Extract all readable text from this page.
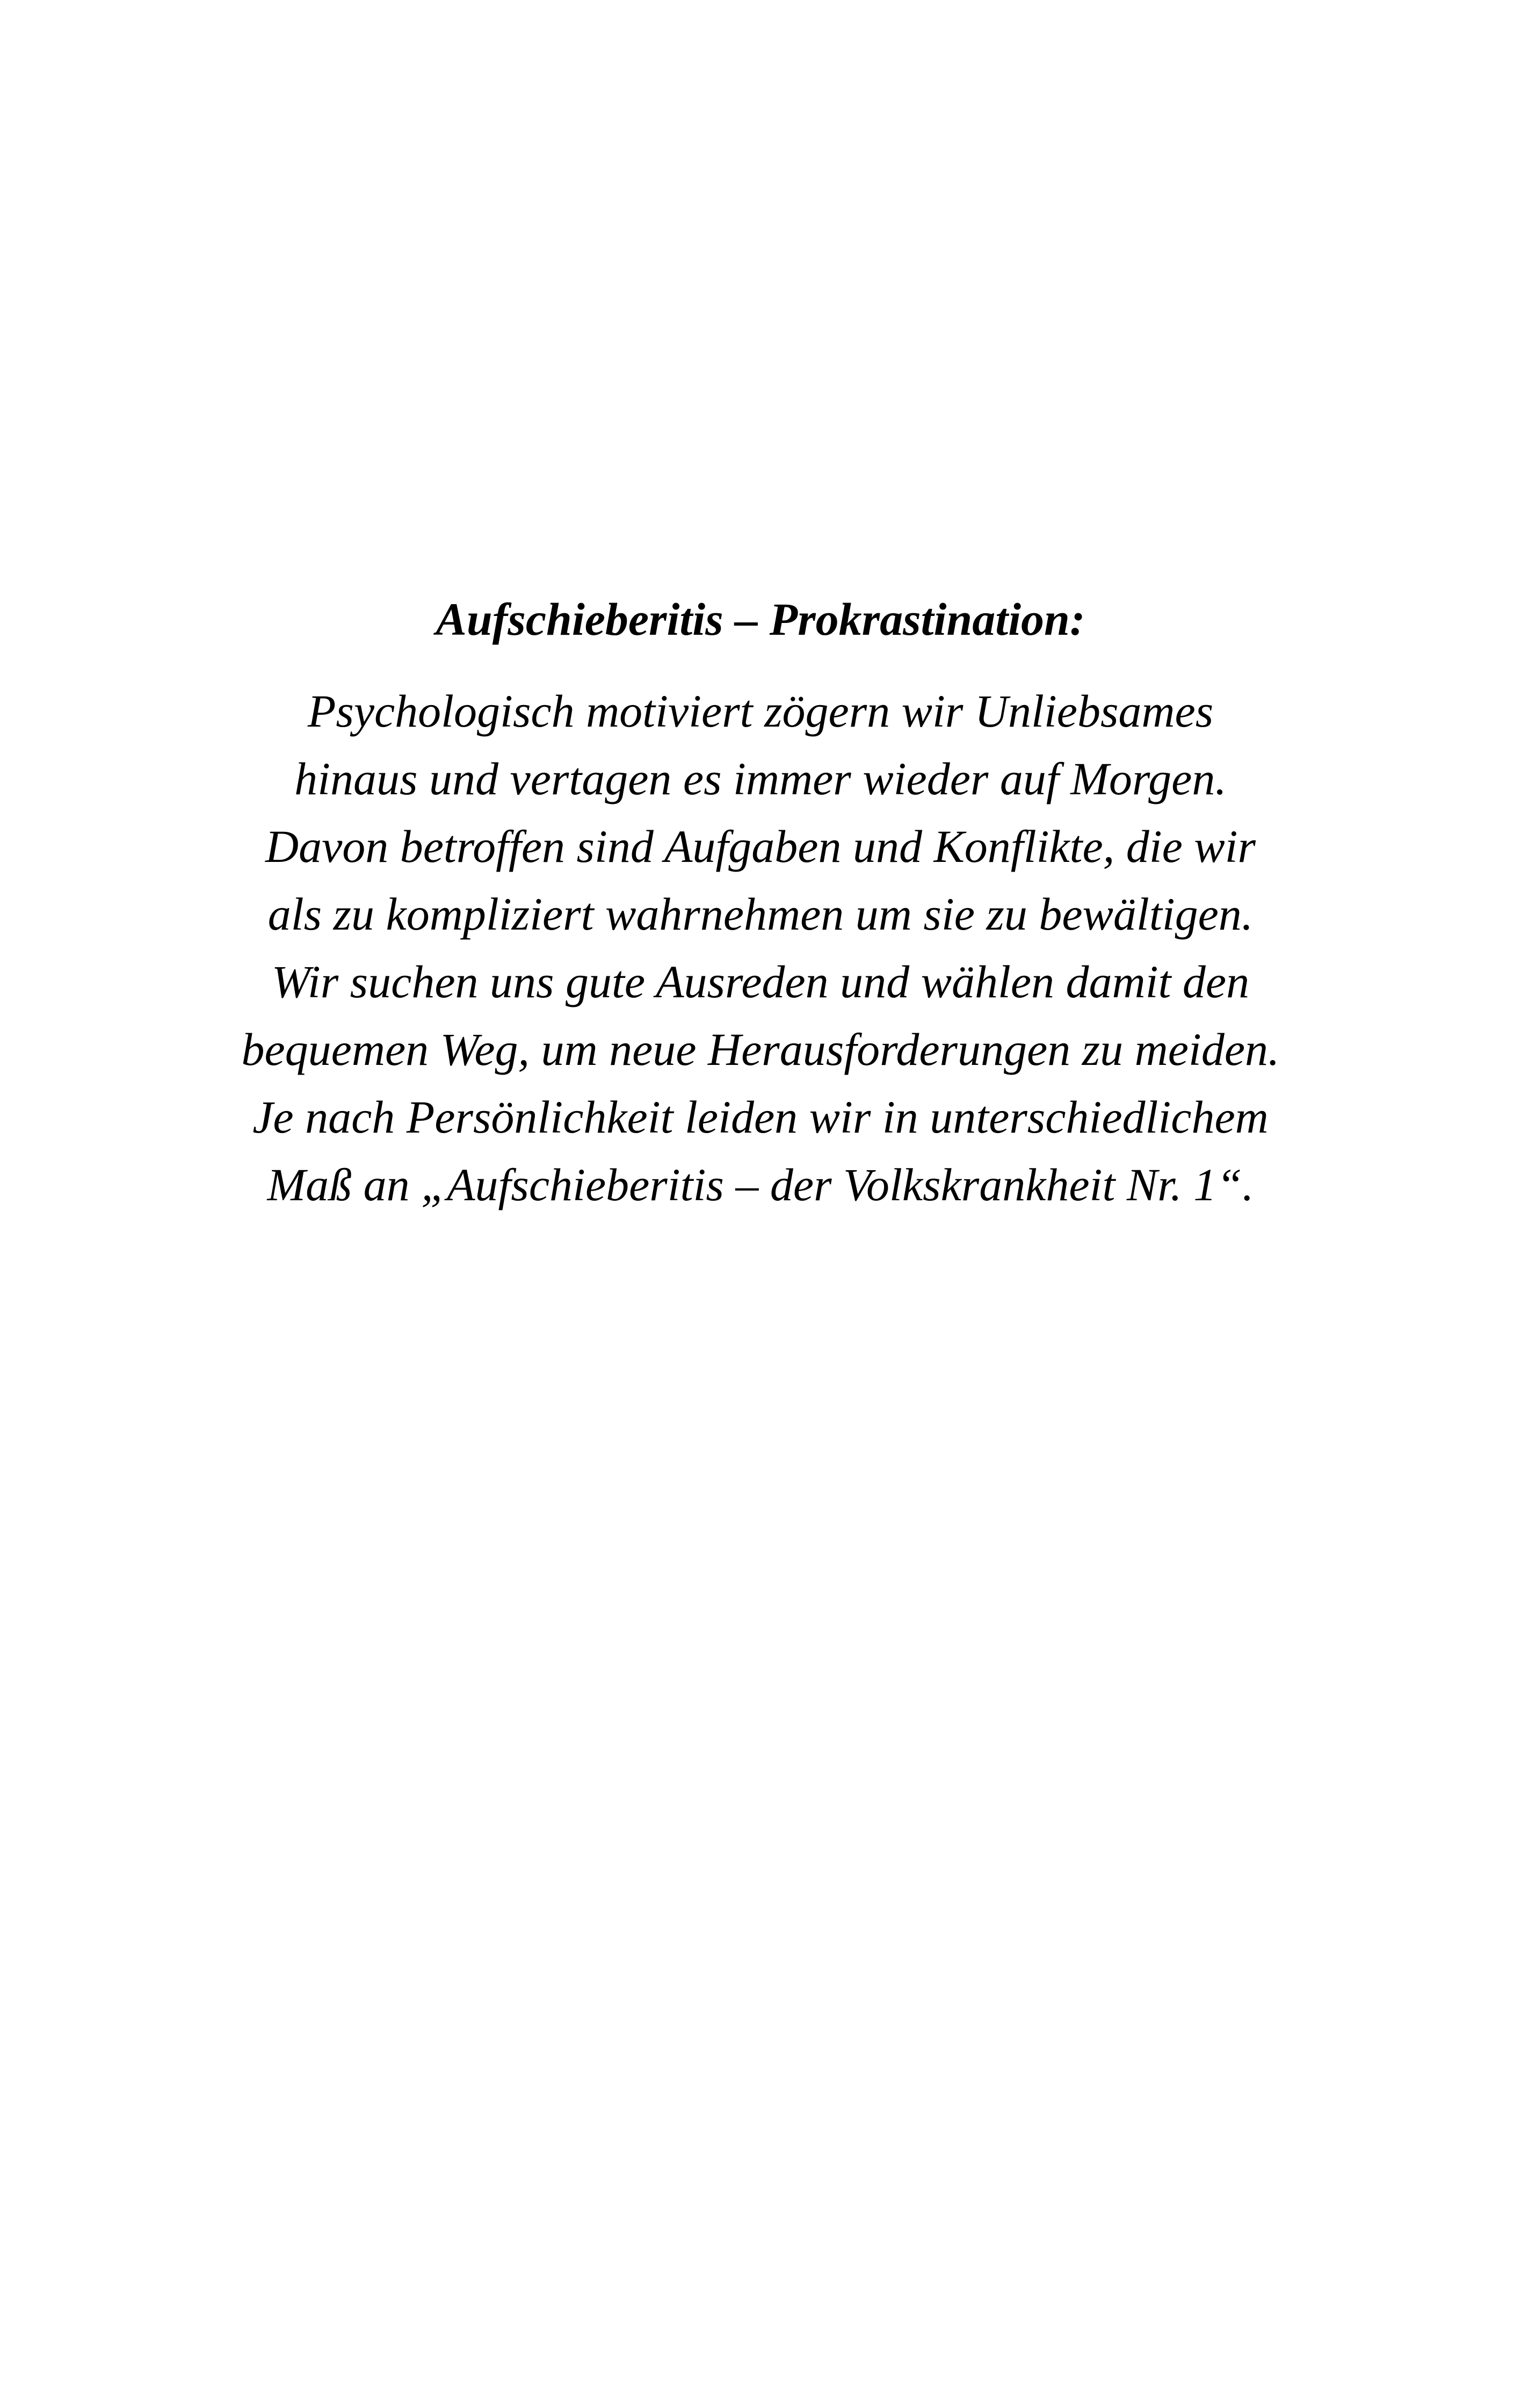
Aufschieberitis – Prokrastination:
Psychologisch motiviert zögern wir Unliebsames
hinaus und vertagen es immer wieder auf Morgen.
Davon betroffen sind Aufgaben und Konflikte, die wir
als zu kompliziert wahrnehmen um sie zu bewältigen.
Wir suchen uns gute Ausreden und wählen damit den
bequemen Weg, um neue Herausforderungen zu meiden.
Je nach Persönlichkeit leiden wir in unterschiedlichem
Maß an „Aufschieberitis – der Volkskrankheit Nr. 1“.
